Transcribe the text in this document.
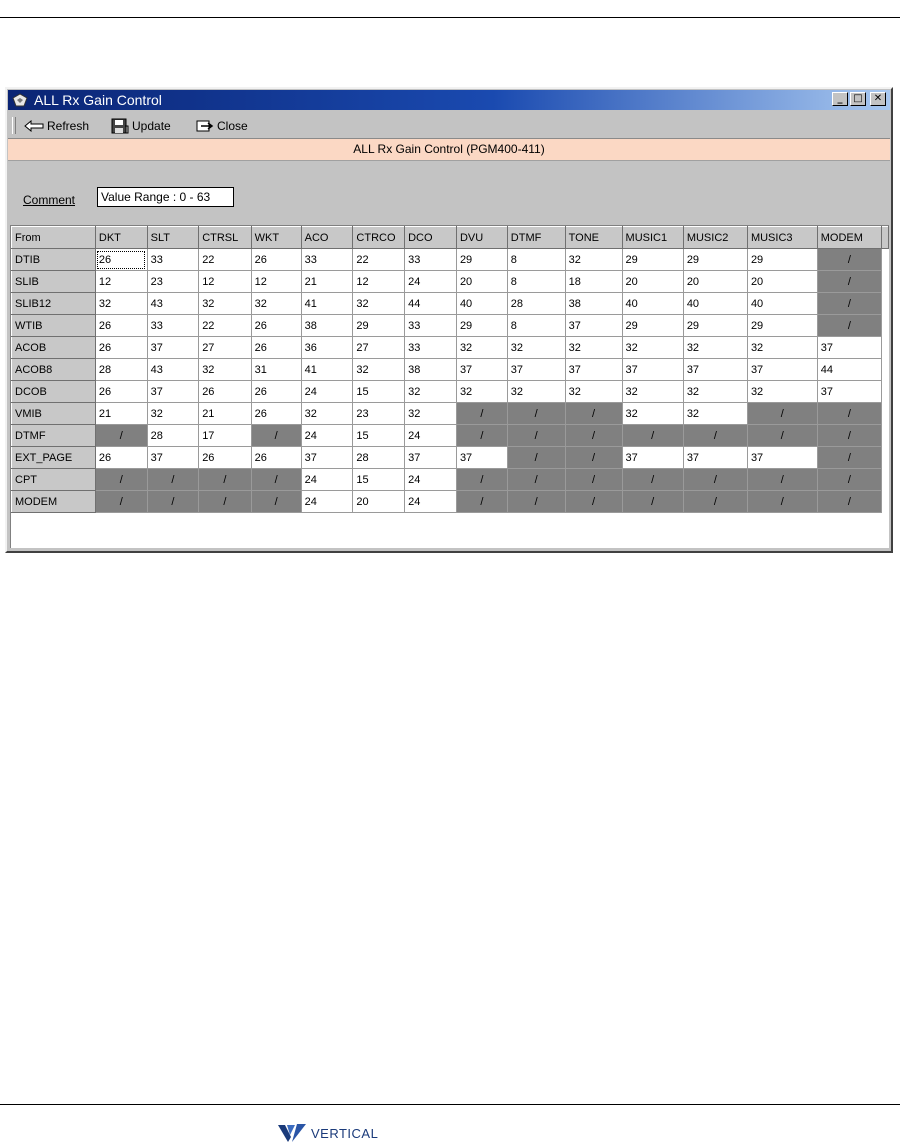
ALL Rx Gain Control	_	□	✕
Refresh	Update	Close
ALL Rx Gain Control (PGM400-411)
Comment
Value Range : 0 - 63
From	DKT	SLT	CTRSL	WKT	ACO	CTRCO	DCO	DVU	DTMF	TONE	MUSIC1	MUSIC2	MUSIC3	MODEM	
DTIB	26	33	22	26	33	22	33	29	8	32	29	29	29	/	
SLIB	12	23	12	12	21	12	24	20	8	18	20	20	20	/	
SLIB12	32	43	32	32	41	32	44	40	28	38	40	40	40	/	
WTIB	26	33	22	26	38	29	33	29	8	37	29	29	29	/	
ACOB	26	37	27	26	36	27	33	32	32	32	32	32	32	37	
ACOB8	28	43	32	31	41	32	38	37	37	37	37	37	37	44	
DCOB	26	37	26	26	24	15	32	32	32	32	32	32	32	37	
VMIB	21	32	21	26	32	23	32	/	/	/	32	32	/	/	
DTMF	/	28	17	/	24	15	24	/	/	/	/	/	/	/	
EXT_PAGE	26	37	26	26	37	28	37	37	/	/	37	37	37	/	
CPT	/	/	/	/	24	15	24	/	/	/	/	/	/	/	
MODEM	/	/	/	/	24	20	24	/	/	/	/	/	/	/	
VERTICAL
